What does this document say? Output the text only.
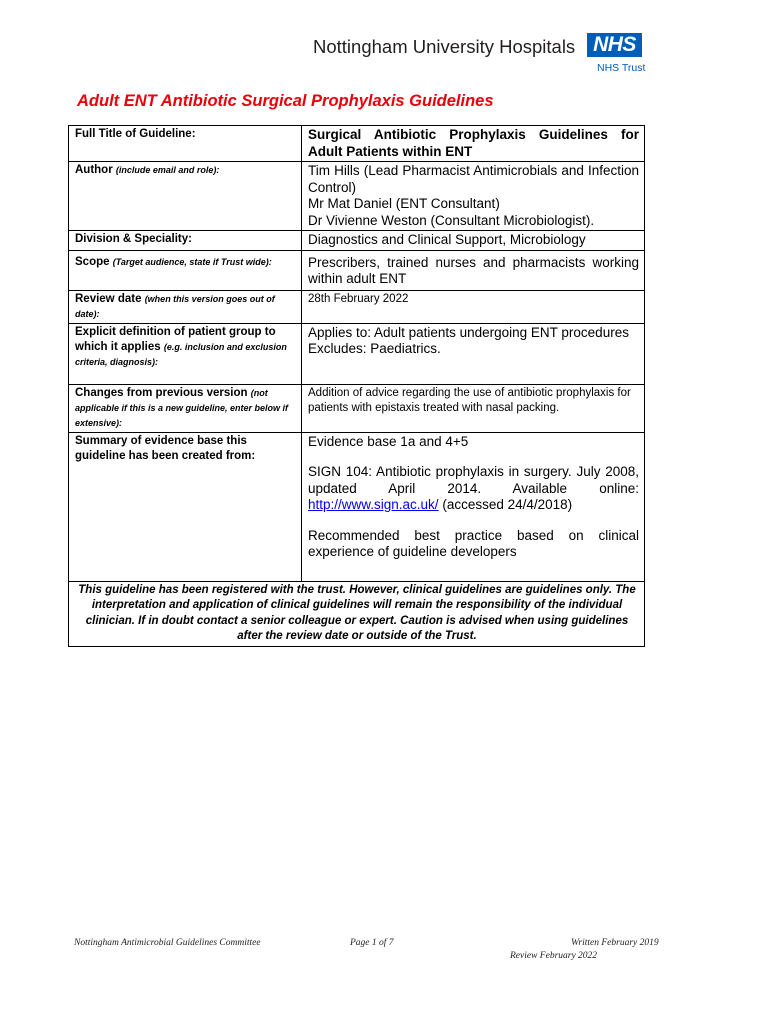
Nottingham University Hospitals NHS
NHS Trust
Adult ENT Antibiotic Surgical Prophylaxis Guidelines
Full Title of Guideline:	Surgical Antibiotic Prophylaxis Guidelines for Adult Patients within ENT
Author (include email and role):	Tim Hills (Lead Pharmacist Antimicrobials and Infection Control)
Mr Mat Daniel (ENT Consultant)
Dr Vivienne Weston (Consultant Microbiologist).

Division & Speciality:	Diagnostics and Clinical Support, Microbiology
Scope (Target audience, state if Trust wide):	Prescribers, trained nurses and pharmacists working within adult ENT
Review date (when this version goes out of date):	28th February 2022
Explicit definition of patient group to which it applies (e.g. inclusion and exclusion criteria, diagnosis):	Applies to: Adult patients undergoing ENT procedures
Excludes: Paediatrics.

Changes from previous version (not applicable if this is a new guideline, enter below if extensive):	Addition of advice regarding the use of antibiotic prophylaxis for patients with epistaxis treated with nasal packing.
Summary of evidence base this guideline has been created from:	Evidence base 1a and 4+5
SIGN 104: Antibiotic prophylaxis in surgery. July 2008, updated April 2014. Available online: http://www.sign.ac.uk/ (accessed 24/4/2018)
Recommended best practice based on clinical experience of guideline developers

This guideline has been registered with the trust. However, clinical guidelines are guidelines only. The interpretation and application of clinical guidelines will remain the responsibility of the individual clinician. If in doubt contact a senior colleague or expert. Caution is advised when using guidelines after the review date or outside of the Trust.	
Nottingham Antimicrobial Guidelines Committee	Page 1 of 7	Written February 2019
Review February 2022
